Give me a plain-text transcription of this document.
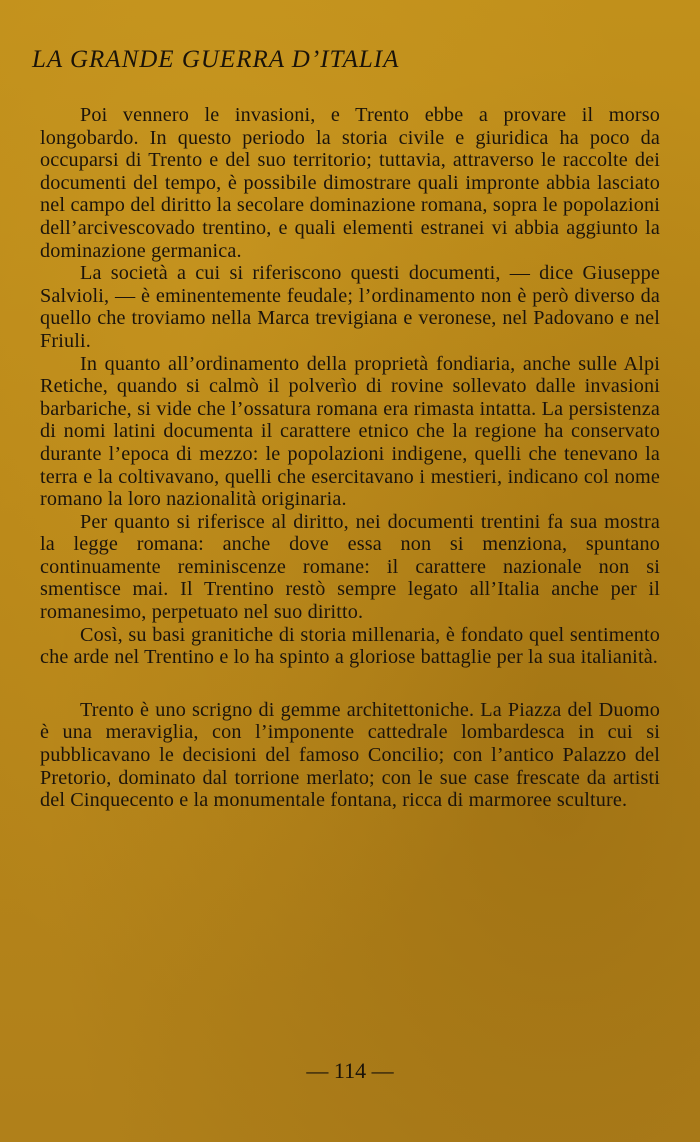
LA GRANDE GUERRA D’ITALIA

Poi vennero le invasioni, e Trento ebbe a provare il morso longobardo. In questo periodo la storia civile e giuridica ha poco da occuparsi di Trento e del suo territorio; tuttavia, attraverso le raccolte dei documenti del tempo, è possibile dimostrare quali impronte abbia lasciato nel campo del diritto la secolare dominazione romana, sopra le popolazioni dell’arcivescovado trentino, e quali elementi estranei vi abbia aggiunto la dominazione germanica.

La società a cui si riferiscono questi documenti, — dice Giuseppe Salvioli, — è eminentemente feudale; l’ordinamento non è però diverso da quello che troviamo nella Marca trevigiana e veronese, nel Padovano e nel Friuli.

In quanto all’ordinamento della proprietà fondiaria, anche sulle Alpi Retiche, quando si calmò il polverìo di rovine sollevato dalle invasioni barbariche, si vide che l’ossatura romana era rimasta intatta. La persistenza di nomi latini documenta il carattere etnico che la regione ha conservato durante l’epoca di mezzo: le popolazioni indigene, quelli che tenevano la terra e la coltivavano, quelli che esercitavano i mestieri, indicano col nome romano la loro nazionalità originaria.

Per quanto si riferisce al diritto, nei documenti trentini fa sua mostra la legge romana: anche dove essa non si menziona, spuntano continuamente reminiscenze romane: il carattere nazionale non si smentisce mai. Il Trentino restò sempre legato all’Italia anche per il romanesimo, perpetuato nel suo diritto.

Così, su basi granitiche di storia millenaria, è fondato quel sentimento che arde nel Trentino e lo ha spinto a gloriose battaglie per la sua italianità.

Trento è uno scrigno di gemme architettoniche. La Piazza del Duomo è una meraviglia, con l’imponente cattedrale lombardesca in cui si pubblicavano le decisioni del famoso Concilio; con l’antico Palazzo del Pretorio, dominato dal torrione merlato; con le sue case frescate da artisti del Cinquecento e la monumentale fontana, ricca di marmoree sculture.

— 114 —
